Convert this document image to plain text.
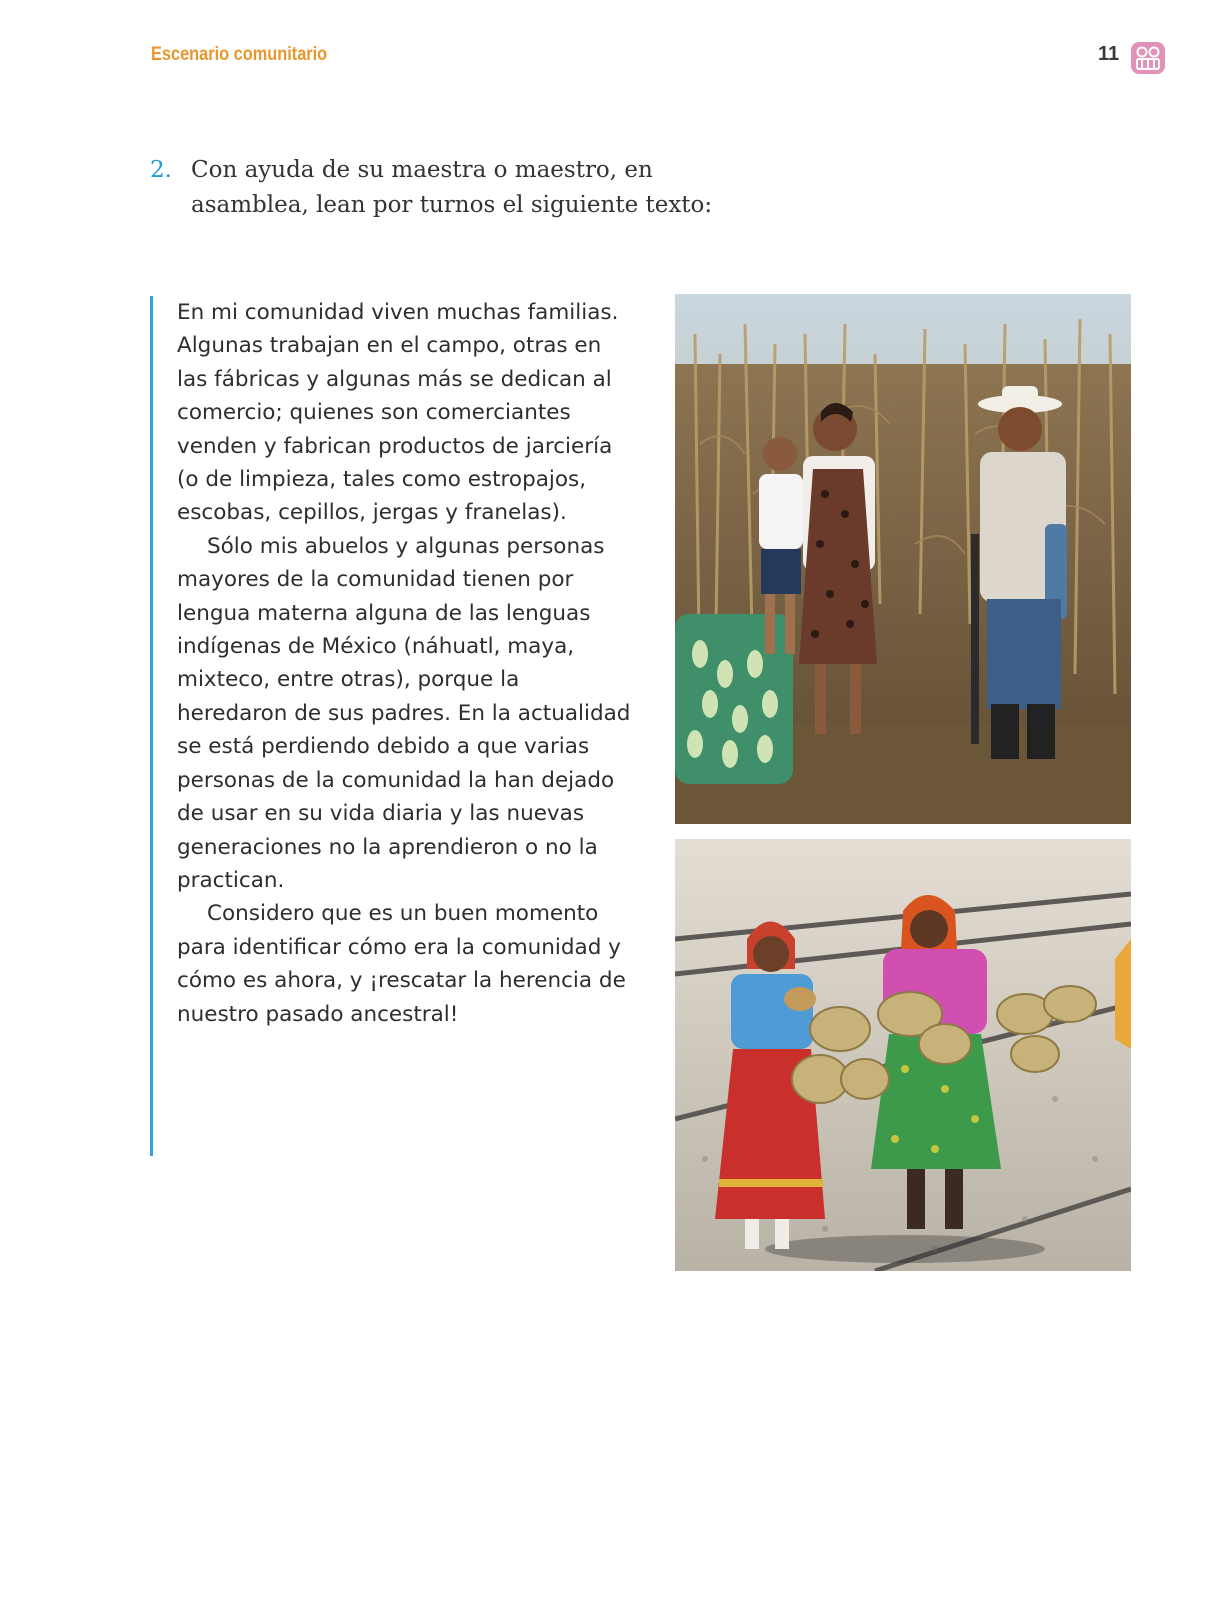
Escenario comunitario	11
2. Con ayuda de su maestra o maestro, en asamblea, lean por turnos el siguiente texto:

En mi comunidad viven muchas familias. Algunas trabajan en el campo, otras en las fábricas y algunas más se dedican al comercio; quienes son comerciantes venden y fabrican productos de jarciería (o de limpieza, tales como estropajos, escobas, cepillos, jergas y franelas).

Sólo mis abuelos y algunas personas mayores de la comunidad tienen por lengua materna alguna de las lenguas indígenas de México (náhuatl, maya, mixteco, entre otras), porque la heredaron de sus padres. En la actualidad se está perdiendo debido a que varias personas de la comunidad la han dejado de usar en su vida diaria y las nuevas generaciones no la aprendieron o no la practican.

Considero que es un buen momento para identificar cómo era la comunidad y cómo es ahora, y ¡rescatar la herencia de nuestro pasado ancestral!
